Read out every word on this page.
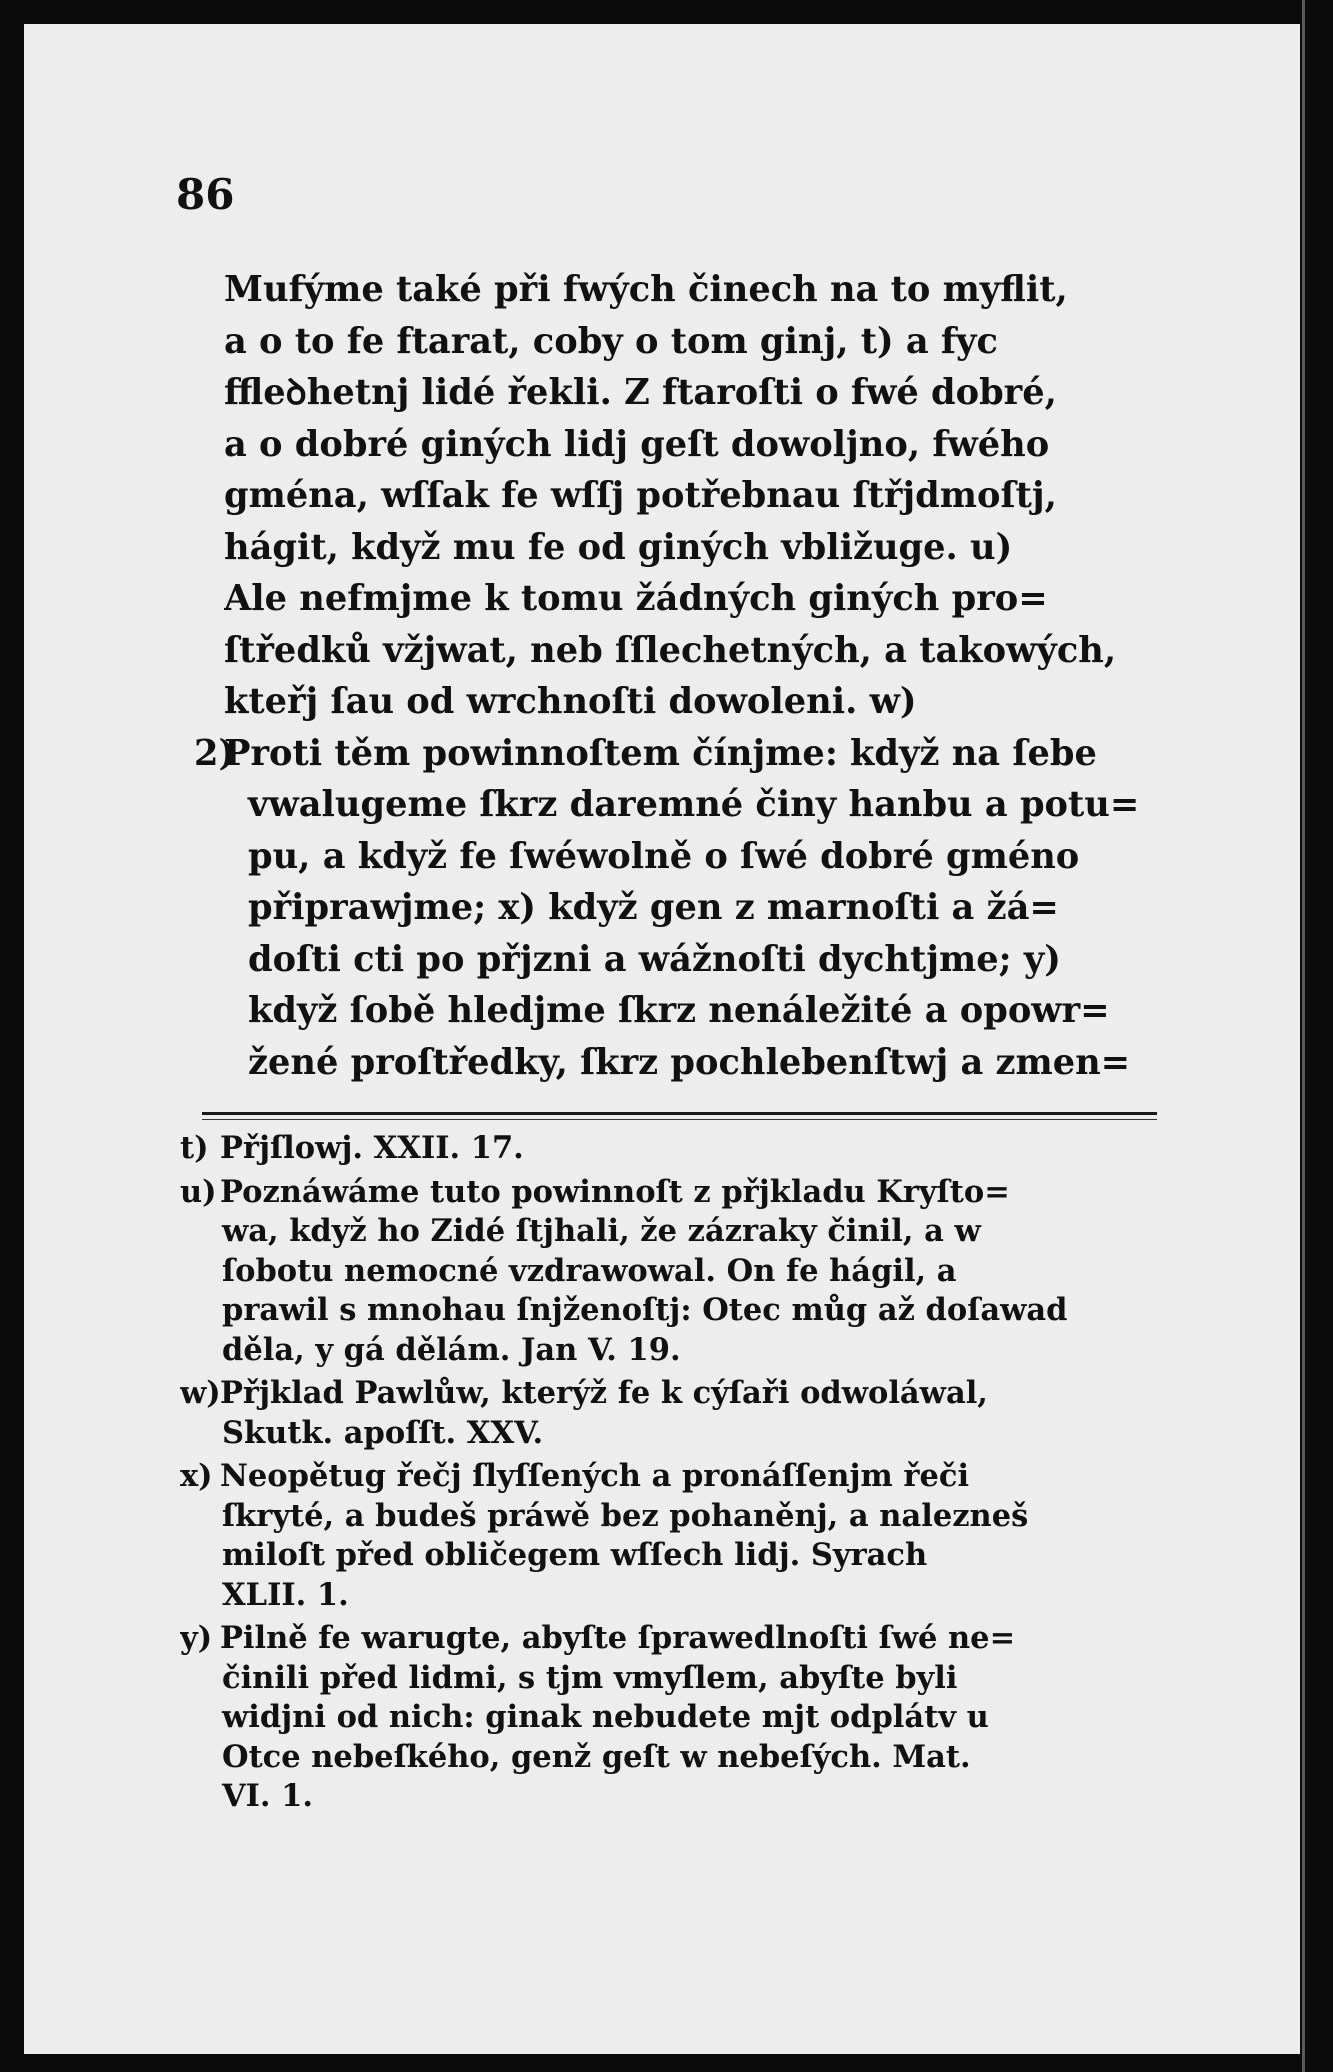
86
Mufýme také při fwých činech na to myflit,
a o to fe ftarat, coby o tom ginj, t) a fyc
ffleꝺhetnj lidé řekli. Z ftaroſti o fwé dobré,
a o dobré giných lidj geſt dowoljno, fwého
gména, wſſak fe wſſj potřebnau ſtřjdmoſtj,
hágit, když mu fe od giných vbližuge. u)
Ale nefmjme k tomu žádných giných pro=
ſtředků vžjwat, neb ſſlechetných, a takowých,
kteřj ſau od wrchnoſti dowoleni. w)
2)
Proti těm powinnoſtem čínjme: když na ſebe
vwalugeme ſkrz daremné činy hanbu a potu=
pu, a když fe ſwéwolně o ſwé dobré gméno
připrawjme; x) když gen z marnoſti a žá=
doſti cti po přjzni a wážnoſti dychtjme; y)
když ſobě hledjme ſkrz nenáležité a opowr=
žené proſtředky, ſkrz pochlebenſtwj a zmen=
t) Přjſlowj. XXII. 17.
u) Poznáwáme tuto powinnoſt z přjkladu Kryſto=
wa, když ho Zidé ſtjhali, že zázraky činil, a w
ſobotu nemocné vzdrawowal. On fe hágil, a
prawil s mnohau ſnjženoſtj: Otec můg až doſawad
děla, y gá dělám. Jan V. 19.
w)Přjklad Pawlůw, kterýž fe k cýſaři odwoláwal,
Skutk. apoſſt. XXV.
x) Neopětug řečj ſlyſſených a pronáſſenjm řeči
ſkryté, a budeš práwě bez pohaněnj, a nalezneš
miloſt před obličegem wſſech lidj. Syrach
XLII. 1.
y) Pilně fe warugte, abyſte ſprawedlnoſti ſwé ne=
činili před lidmi, s tjm vmyſlem, abyſte byli
widjni od nich: ginak nebudete mjt odplátv u
Otce nebeſkého, genž geſt w nebeſých. Mat.
VI. 1.
